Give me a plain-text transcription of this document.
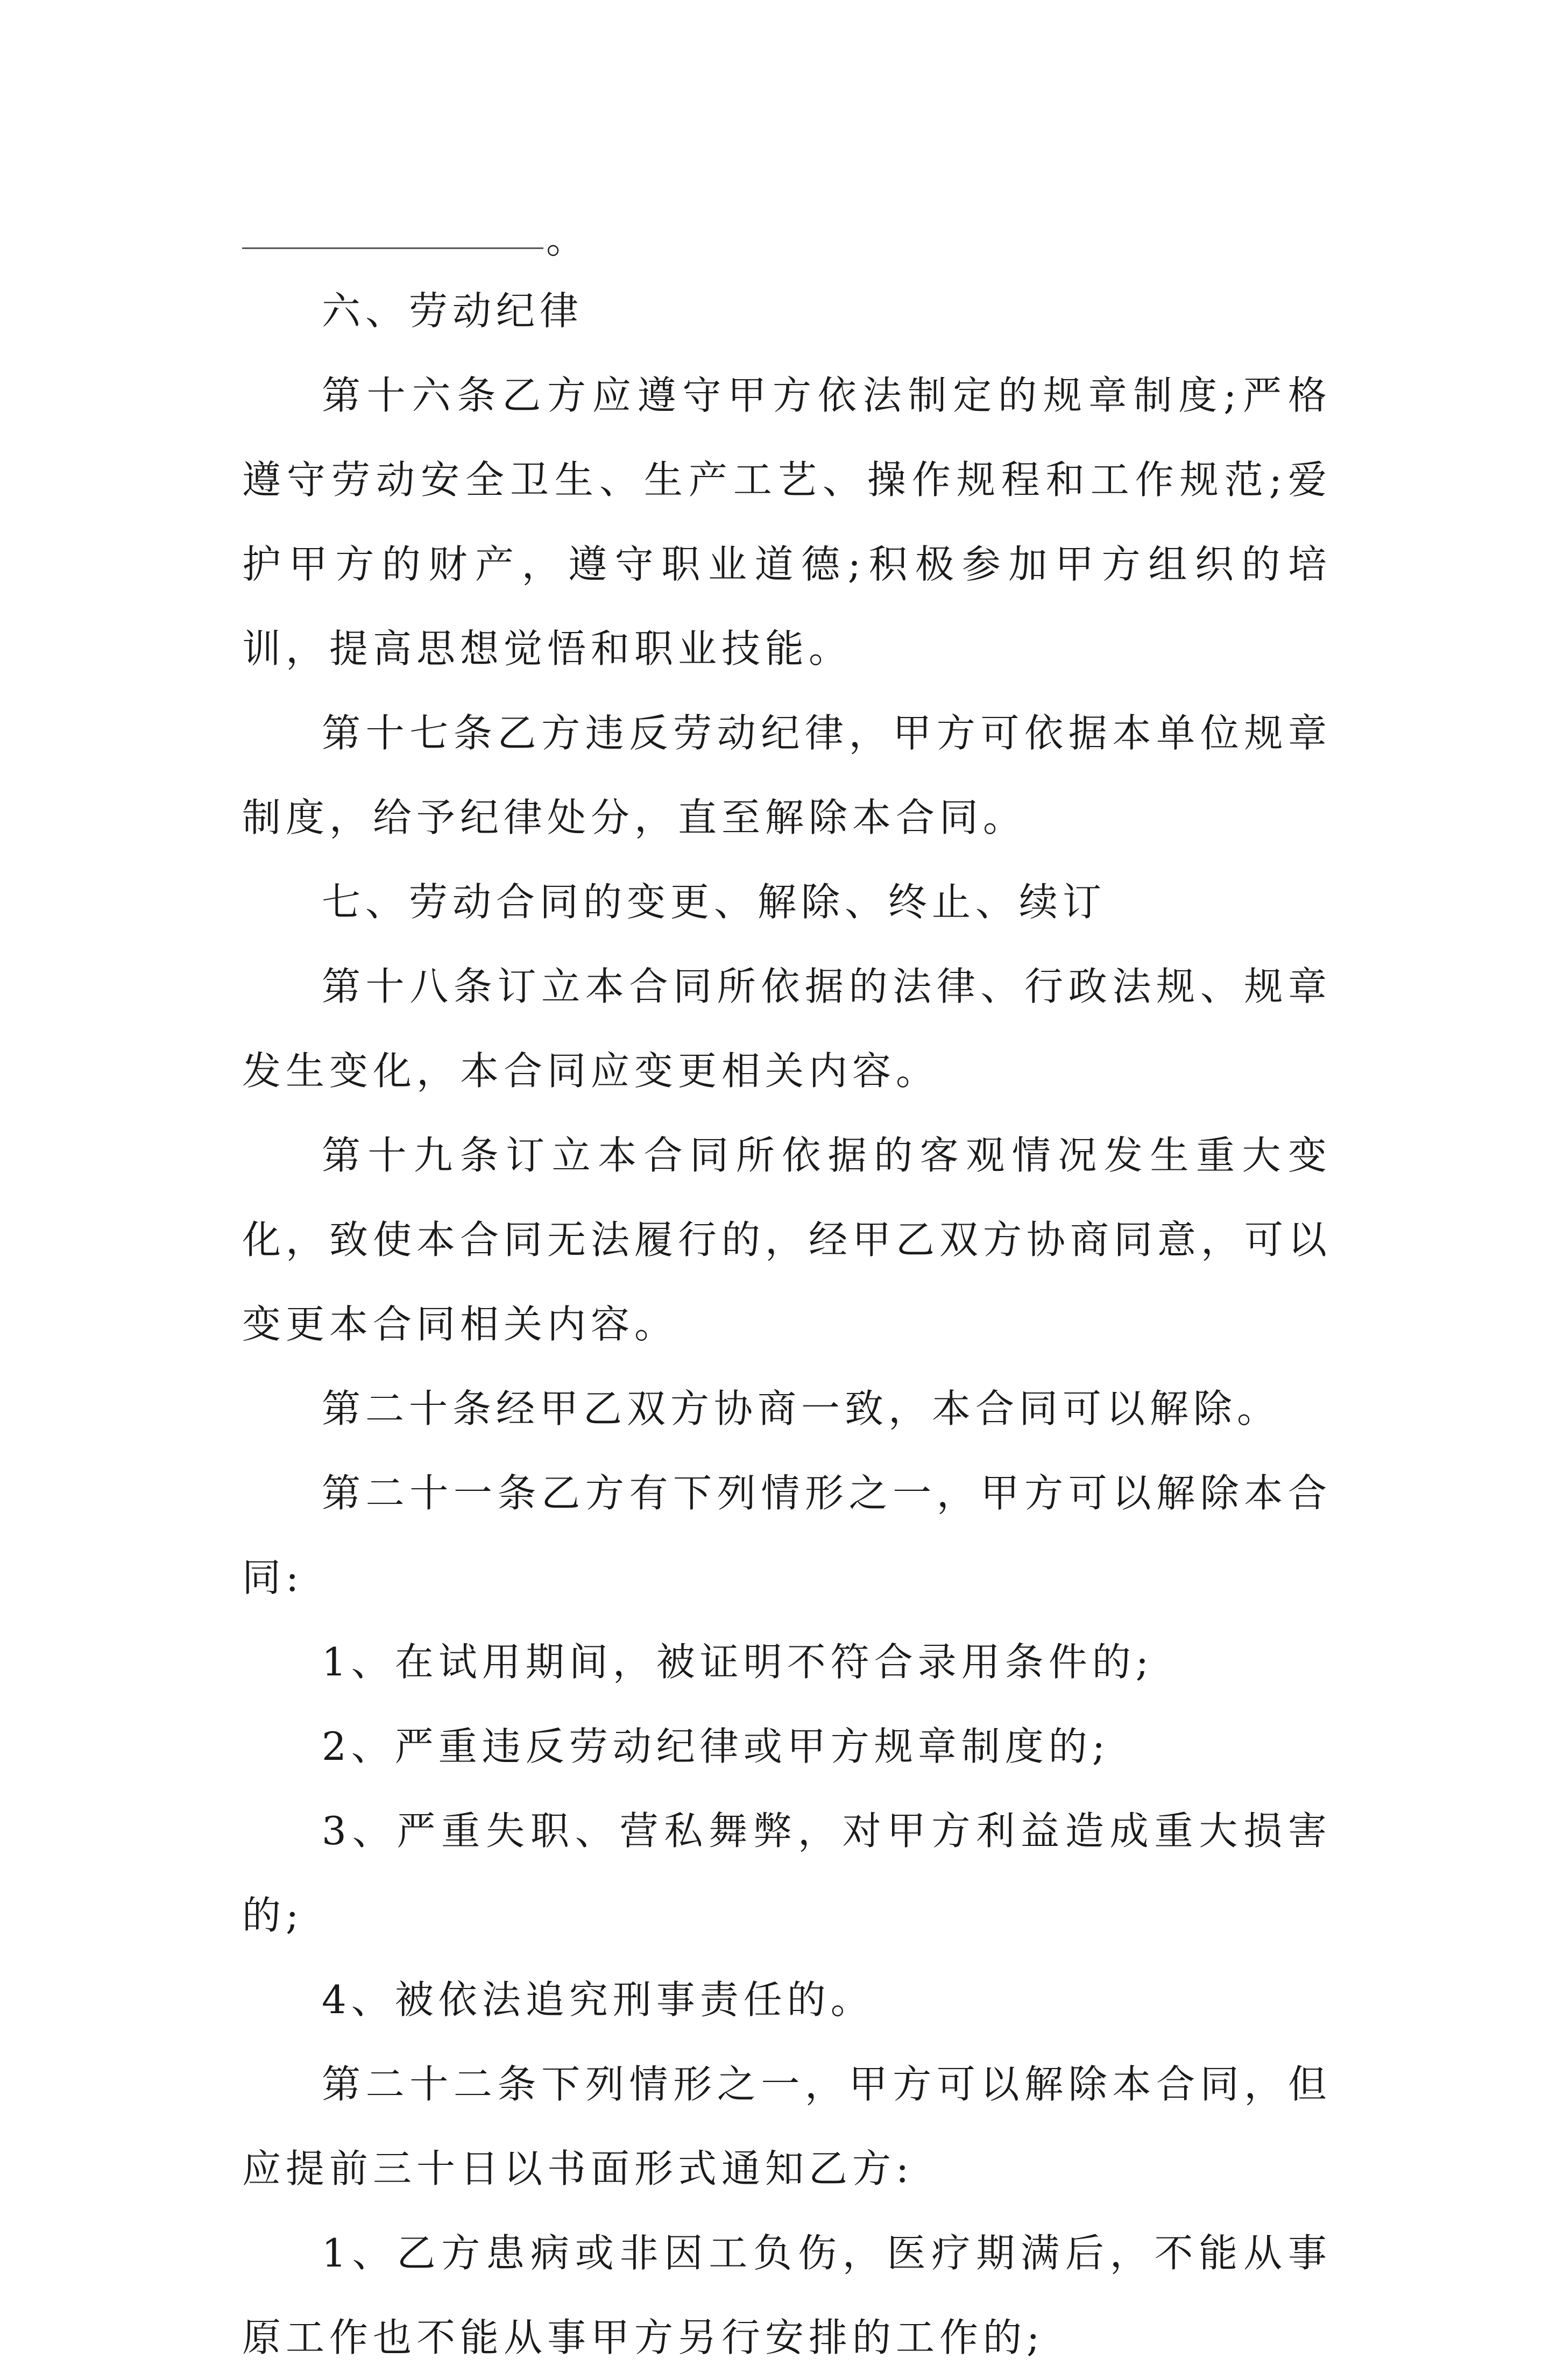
。

六、劳动纪律

第十六条乙方应遵守甲方依法制定的规章制度;严格遵守劳动安全卫生、生产工艺、操作规程和工作规范;爱护甲方的财产，遵守职业道德;积极参加甲方组织的培训，提高思想觉悟和职业技能。

第十七条乙方违反劳动纪律，甲方可依据本单位规章制度，给予纪律处分，直至解除本合同。

七、劳动合同的变更、解除、终止、续订

第十八条订立本合同所依据的法律、行政法规、规章发生变化，本合同应变更相关内容。

第十九条订立本合同所依据的客观情况发生重大变化，致使本合同无法履行的，经甲乙双方协商同意，可以变更本合同相关内容。

第二十条经甲乙双方协商一致，本合同可以解除。

第二十一条乙方有下列情形之一，甲方可以解除本合同:

1、在试用期间，被证明不符合录用条件的;

2、严重违反劳动纪律或甲方规章制度的;

3、严重失职、营私舞弊，对甲方利益造成重大损害的;

4、被依法追究刑事责任的。

第二十二条下列情形之一，甲方可以解除本合同，但应提前三十日以书面形式通知乙方:

1、乙方患病或非因工负伤，医疗期满后，不能从事原工作也不能从事甲方另行安排的工作的;
